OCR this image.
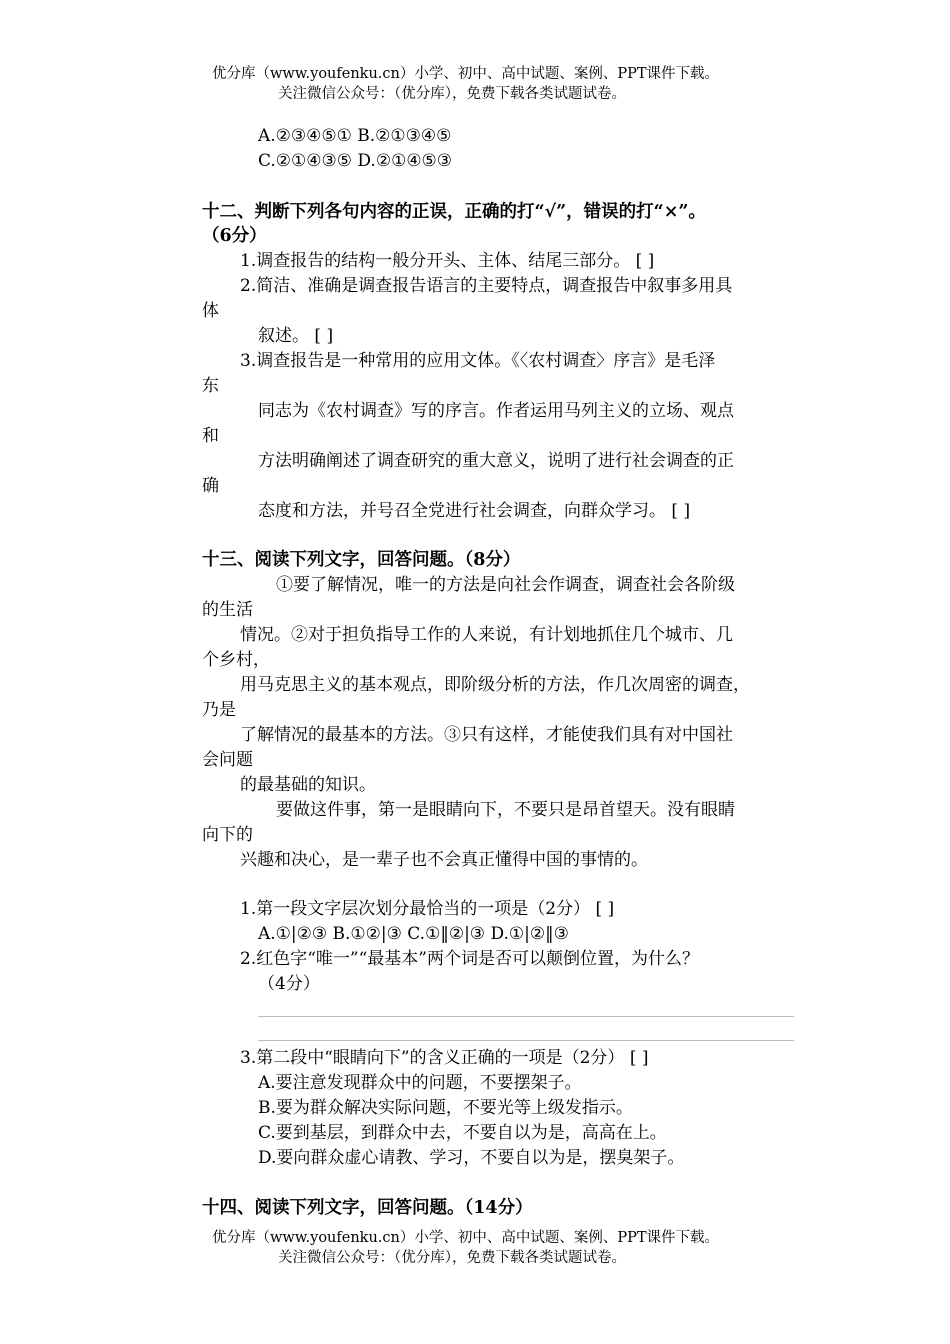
优分库（www.youfenku.cn）小学、初中、高中试题、案例、PPT课件下载。
关注微信公众号：（优分库），免费下载各类试题试卷。
A.②③④⑤① B.②①③④⑤
C.②①④③⑤ D.②①④⑤③
十二、判断下列各句内容的正误，正确的打“√”，错误的打“×”。
（6分）
1.调查报告的结构一般分开头、主体、结尾三部分。 [ ]
2.简洁、准确是调查报告语言的主要特点，调查报告中叙事多用具
体
叙述。 [ ]
3.调查报告是一种常用的应用文体。《〈农村调查〉序言》是毛泽
东
同志为《农村调查》写的序言。作者运用马列主义的立场、观点
和
方法明确阐述了调查研究的重大意义，说明了进行社会调查的正
确
态度和方法，并号召全党进行社会调查，向群众学习。 [ ]
十三、阅读下列文字，回答问题。（8分）
①要了解情况，唯一的方法是向社会作调查，调查社会各阶级
的生活
情况。②对于担负指导工作的人来说，有计划地抓住几个城市、几
个乡村，
用马克思主义的基本观点，即阶级分析的方法，作几次周密的调查，
乃是
了解情况的最基本的方法。③只有这样，才能使我们具有对中国社
会问题
的最基础的知识。
要做这件事，第一是眼睛向下，不要只是昂首望天。没有眼睛
向下的
兴趣和决心，是一辈子也不会真正懂得中国的事情的。
1.第一段文字层次划分最恰当的一项是（2分） [ ]
A.①|②③ B.①②|③ C.①‖②|③ D.①|②‖③
2.红色字“唯一”“最基本”两个词是否可以颠倒位置，为什么？
（4分）
3.第二段中“眼睛向下”的含义正确的一项是（2分） [ ]
A.要注意发现群众中的问题，不要摆架子。
B.要为群众解决实际问题，不要光等上级发指示。
C.要到基层，到群众中去，不要自以为是，高高在上。
D.要向群众虚心请教、学习，不要自以为是，摆臭架子。
十四、阅读下列文字，回答问题。（14分）
优分库（www.youfenku.cn）小学、初中、高中试题、案例、PPT课件下载。
关注微信公众号：（优分库），免费下载各类试题试卷。
